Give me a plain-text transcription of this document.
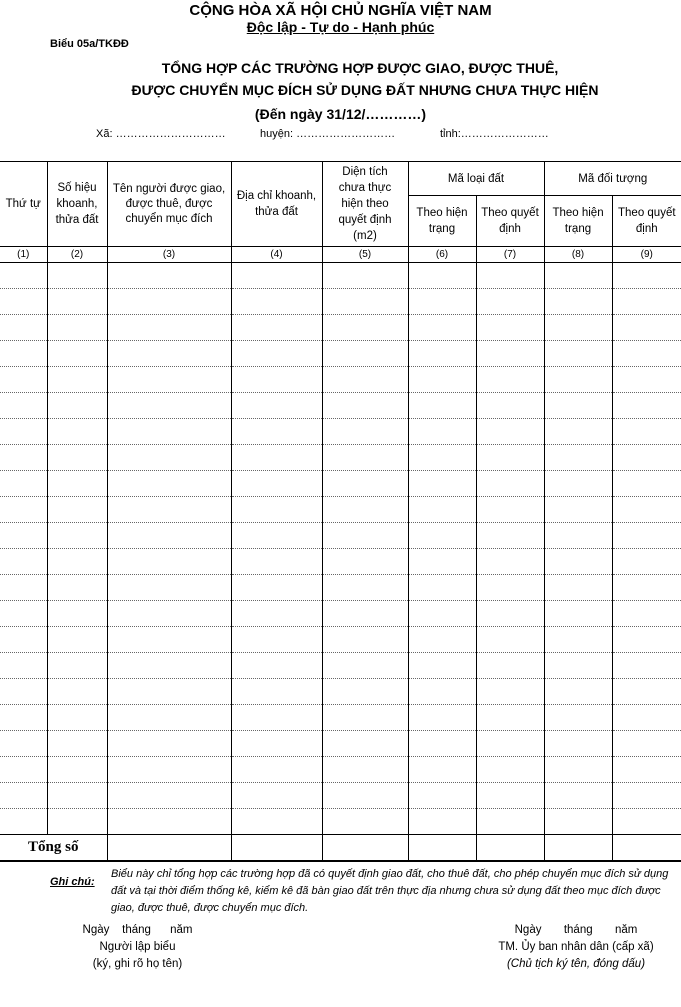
CỘNG HÒA XÃ HỘI CHỦ NGHĨA VIỆT NAM
Độc lập - Tự do - Hạnh phúc
Biểu 05a/TKĐĐ
TỔNG HỢP CÁC TRƯỜNG HỢP ĐƯỢC GIAO, ĐƯỢC THUÊ,
ĐƯỢC CHUYỂN MỤC ĐÍCH SỬ DỤNG ĐẤT NHƯNG CHƯA THỰC HIỆN
(Đến ngày 31/12/…………)
Xã: …………………………	huyện: ………………………	tỉnh:……………………
Thứ tự	Số hiệu khoanh, thửa đất	Tên người được giao, được thuê, được chuyển mục đích	Địa chỉ khoanh, thửa đất	Diện tích chưa thực hiện theo quyết định (m2)	Mã loại đất		Mã đối tượng	
					Theo hiện trạng	Theo quyết định	Theo hiện trạng	Theo quyết định
(1)	(2)	(3)	(4)	(5)	(6)	(7)	(8)	(9)

Tổng số								
Ghi chú:
Biểu này chỉ tổng hợp các trường hợp đã có quyết định giao đất, cho thuê đất, cho phép chuyển mục đích sử dụng đất và tại thời điểm thống kê, kiểm kê đã bàn giao đất trên thực địa nhưng chưa sử dụng đất theo mục đích được giao, được thuê, được chuyển mục đích.
Ngày    tháng      năm
Người lập biểu
(ký, ghi rõ họ tên)
Ngày       tháng       năm
TM. Ủy ban nhân dân (cấp xã)
(Chủ tịch ký tên, đóng dấu)
